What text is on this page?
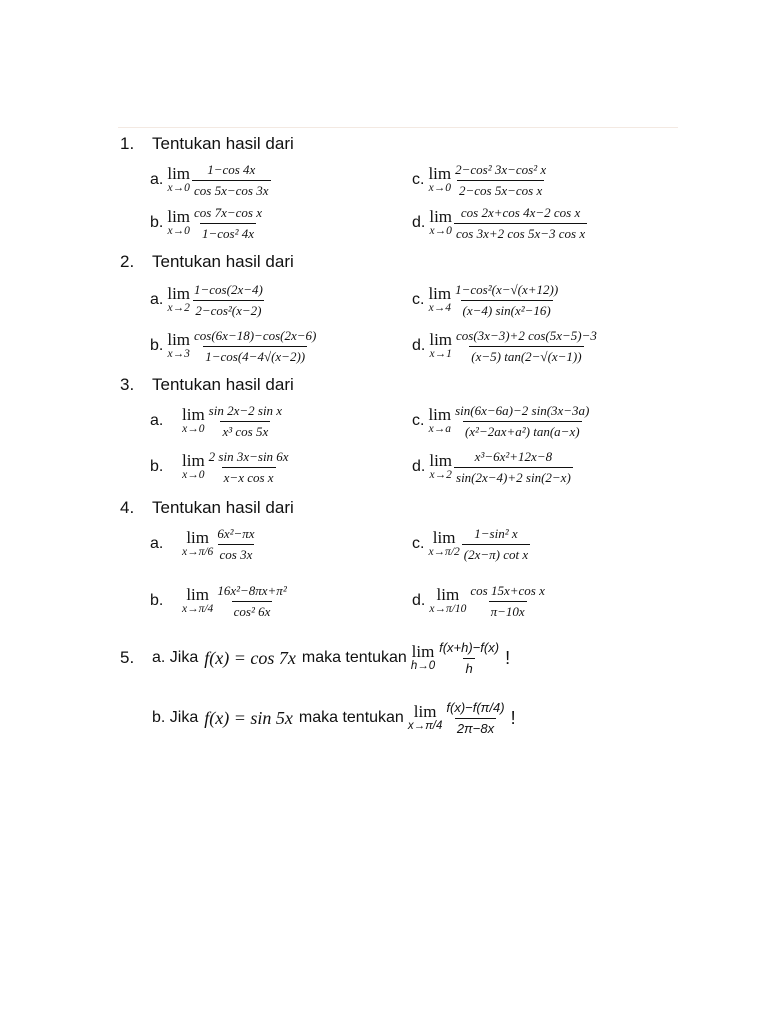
1. Tentukan hasil dari
a. lim
$x\to 0 \frac{1-\cos 4x}{\cos 5x-\cos 3x}$
b. lim
$x\to 0 \frac{\text{cos 7x−cos x}}{\text{1−cos² 4x}}$
c. lim
$x\to 0 \frac{\text{2−cos² 3x−cos² x}}{\text{2−cos 5x−cos x}}$
d. lim
$x\to 0 \frac{\text{cos 2x+cos 4x−2 cos x}}{\text{cos 3x+2 cos 5x−3 cos x}}$
2. Tentukan hasil dari
a. lim
$x\to 2 \frac{1-\cos(2x-4)}{\text{2−cos²(x−2)}}$
b. lim
$x\to 3 \frac{\cos(6x-18)-\cos(2x-6)}{1-\cos(4-4√(x-2))}$
c. lim
$x\to 4 \frac{\text{1−cos²(x−√(x+12))}}{\text{(x−4) sin(x²−16)}}$
d. lim
$x\to 1 \frac{\cos(3x-3)+2 \cos(5x-5)-3}{(x-5) \tan(2-√(x-1))}$
3. Tentukan hasil dari
a.	lim
$x\to 0 \frac{\text{sin 2x−2 sin x}}{\text{x³ cos 5x}}$
b.	lim
$x\to 0 \frac{2 \sin 3x-\sin 6x}{\text{x−x cos x}}$
c. lim
$x\to a \frac{\sin(6x-6a)-2 \sin(3x-3a)}{\text{(x²−2ax+a²) tan(a−x)}}$
d. lim
$x\to 2 \frac{\text{x³−6x²+12x−8}}{\sin(2x-4)+2 \sin(2-x)}$
4. Tentukan hasil dari
a.	lim
$x\to\pi/6 \frac{\text{6x²−πx}}{\cos 3x}$
b.	lim
$x\to\pi/4 \frac{\text{16x²−8πx+π²}}{\text{cos² 6x}}$
c. lim
$x\to\pi/2 \frac{\text{1−sin² x}}{\text{(2x−π) cot x}}$
d. lim
$x\to\pi/10 \frac{\text{cos 15x+cos x}}{\pi-10x}$
5.	a. Jika f(x) = cos 7x maka tentukan lim
$h\to 0 \frac{f(x+h)-f(x)}{h}$ !
b. Jika f(x) = sin 5x maka tentukan lim
$x\to\pi/4 \frac{f(x)-f(\pi/4)}{2\pi-8x}$ !
